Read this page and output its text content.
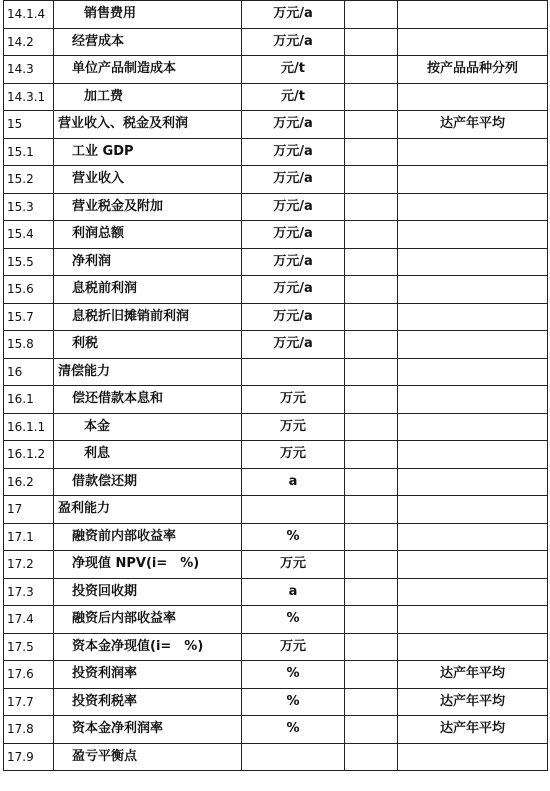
14.1.4	销售费用	万元/a		
14.2	经营成本	万元/a		
14.3	单位产品制造成本	元/t		按产品品种分列
14.3.1	加工费	元/t		
15	营业收入、税金及利润	万元/a		达产年平均
15.1	工业 GDP	万元/a		
15.2	营业收入	万元/a		
15.3	营业税金及附加	万元/a		
15.4	利润总额	万元/a		
15.5	净利润	万元/a		
15.6	息税前利润	万元/a		
15.7	息税折旧摊销前利润	万元/a		
15.8	利税	万元/a		
16	清偿能力			
16.1	偿还借款本息和	万元		
16.1.1	本金	万元		
16.1.2	利息	万元		
16.2	借款偿还期	a		
17	盈利能力			
17.1	融资前内部收益率	%		
17.2	净现值 NPV(i=　%)	万元		
17.3	投资回收期	a		
17.4	融资后内部收益率	%		
17.5	资本金净现值(i=　%)	万元		
17.6	投资利润率	%		达产年平均
17.7	投资利税率	%		达产年平均
17.8	资本金净利润率	%		达产年平均
17.9	盈亏平衡点			
